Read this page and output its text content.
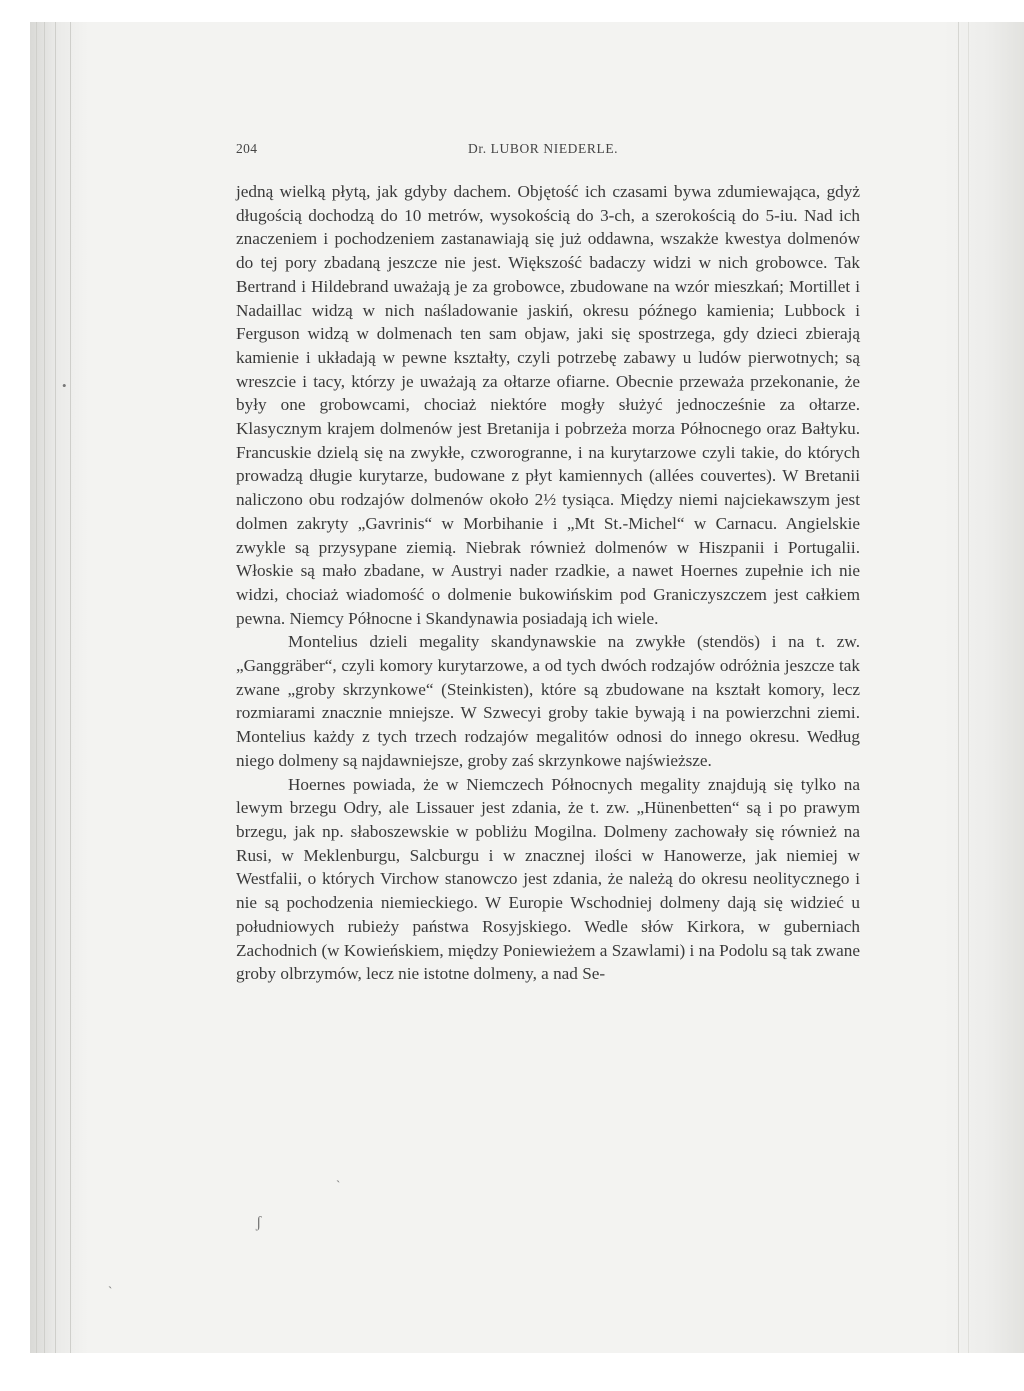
204	Dr. LUBOR NIEDERLE.

jedną wielką płytą, jak gdyby dachem. Objętość ich czasami bywa zdumiewająca, gdyż długością dochodzą do 10 metrów, wysokością do 3-ch, a szerokością do 5-iu. Nad ich znaczeniem i pochodzeniem zastanawiają się już oddawna, wszakże kwestya dolmenów do tej pory zbadaną jeszcze nie jest. Większość badaczy widzi w nich grobowce. Tak Bertrand i Hildebrand uważają je za grobowce, zbudowane na wzór mieszkań; Mortillet i Nadaillac widzą w nich naśladowanie jaskiń, okresu późnego kamienia; Lubbock i Ferguson widzą w dolmenach ten sam objaw, jaki się spostrzega, gdy dzieci zbierają kamienie i układają w pewne kształty, czyli potrzebę zabawy u ludów pierwotnych; są wreszcie i tacy, którzy je uważają za ołtarze ofiarne. Obecnie przeważa przekonanie, że były one grobowcami, chociaż niektóre mogły służyć jednocześnie za ołtarze. Klasycznym krajem dolmenów jest Bretanija i pobrzeża morza Północnego oraz Bałtyku. Francuskie dzielą się na zwykłe, czworogranne, i na kurytarzowe czyli takie, do których prowadzą długie kurytarze, budowane z płyt kamiennych (allées couvertes). W Bretanii naliczono obu rodzajów dolmenów około 2½ tysiąca. Między niemi najciekawszym jest dolmen zakryty „Gavrinis“ w Morbihanie i „Mt St.-Michel“ w Carnacu. Angielskie zwykle są przysypane ziemią. Niebrak również dolmenów w Hiszpanii i Portugalii. Włoskie są mało zbadane, w Austryi nader rzadkie, a nawet Hoernes zupełnie ich nie widzi, chociaż wiadomość o dolmenie bukowińskim pod Graniczyszczem jest całkiem pewna. Niemcy Północne i Skandynawia posiadają ich wiele.

Montelius dzieli megality skandynawskie na zwykłe (stendös) i na t. zw. „Ganggräber“, czyli komory kurytarzowe, a od tych dwóch rodzajów odróżnia jeszcze tak zwane „groby skrzynkowe“ (Steinkisten), które są zbudowane na kształt komory, lecz rozmiarami znacznie mniejsze. W Szwecyi groby takie bywają i na powierzchni ziemi. Montelius każdy z tych trzech rodzajów megalitów odnosi do innego okresu. Według niego dolmeny są najdawniejsze, groby zaś skrzynkowe najświeższe.

Hoernes powiada, że w Niemczech Północnych megality znajdują się tylko na lewym brzegu Odry, ale Lissauer jest zdania, że t. zw. „Hünenbetten“ są i po prawym brzegu, jak np. słaboszewskie w pobliżu Mogilna. Dolmeny zachowały się również na Rusi, w Meklenburgu, Salcburgu i w znacznej ilości w Hanowerze, jak niemiej w Westfalii, o których Virchow stanowczo jest zdania, że należą do okresu neolitycznego i nie są pochodzenia niemieckiego. W Europie Wschodniej dolmeny dają się widzieć u południowych rubieży państwa Rosyjskiego. Wedle słów Kirkora, w guberniach Zachodnich (w Kowieńskiem, między Poniewieżem a Szawlami) i na Podolu są tak zwane groby olbrzymów, lecz nie istotne dolmeny, a nad Se-

•
ˏ
ʃ
ˏ
